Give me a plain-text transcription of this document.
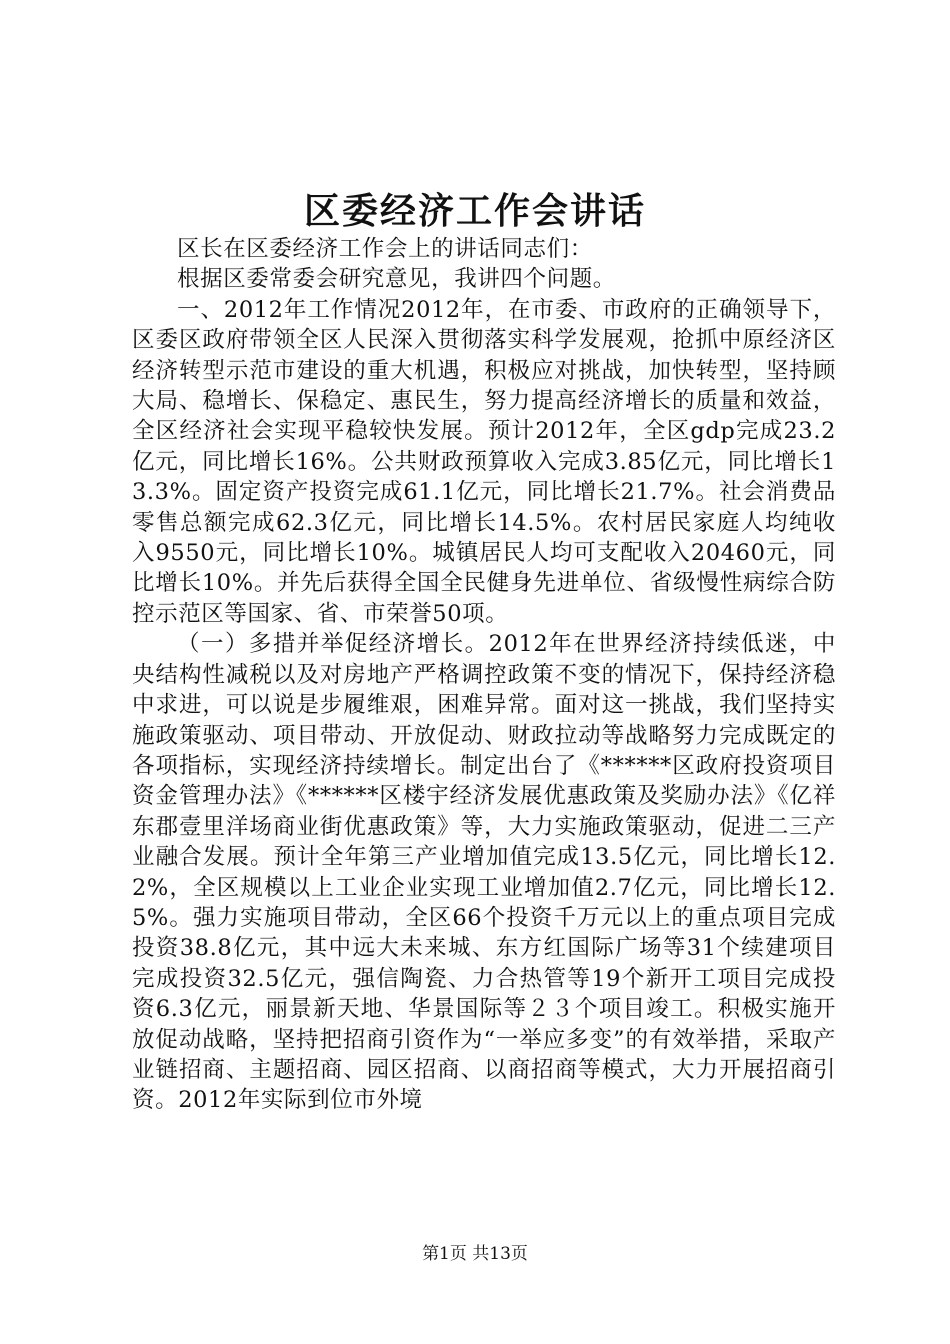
区委经济工作会讲话

区长在区委经济工作会上的讲话同志们：

根据区委常委会研究意见，我讲四个问题。

一、2012年工作情况2012年，在市委、市政府的正确领导下，区委区政府带领全区人民深入贯彻落实科学发展观，抢抓中原经济区经济转型示范市建设的重大机遇，积极应对挑战，加快转型，坚持顾大局、稳增长、保稳定、惠民生，努力提高经济增长的质量和效益，全区经济社会实现平稳较快发展。预计2012年，全区gdp完成23.2亿元，同比增长16%。公共财政预算收入完成3.85亿元，同比增长13.3%。固定资产投资完成61.1亿元，同比增长21.7%。社会消费品零售总额完成62.3亿元，同比增长14.5%。农村居民家庭人均纯收入9550元，同比增长10%。城镇居民人均可支配收入20460元，同比增长10%。并先后获得全国全民健身先进单位、省级慢性病综合防控示范区等国家、省、市荣誉50项。

（一）多措并举促经济增长。2012年在世界经济持续低迷，中央结构性减税以及对房地产严格调控政策不变的情况下，保持经济稳中求进，可以说是步履维艰，困难异常。面对这一挑战，我们坚持实施政策驱动、项目带动、开放促动、财政拉动等战略努力完成既定的各项指标，实现经济持续增长。制定出台了《******区政府投资项目资金管理办法》《******区楼宇经济发展优惠政策及奖励办法》《亿祥东郡壹里洋场商业街优惠政策》等，大力实施政策驱动，促进二三产业融合发展。预计全年第三产业增加值完成13.5亿元，同比增长12.2%，全区规模以上工业企业实现工业增加值2.7亿元，同比增长12.5%。强力实施项目带动，全区66个投资千万元以上的重点项目完成投资38.8亿元，其中远大未来城、东方红国际广场等31个续建项目完成投资32.5亿元，强信陶瓷、力合热管等19个新开工项目完成投资6.3亿元，丽景新天地、华景国际等２３个项目竣工。积极实施开放促动战略，坚持把招商引资作为“一举应多变”的有效举措，采取产业链招商、主题招商、园区招商、以商招商等模式，大力开展招商引资。2012年实际到位市外境

第1页 共13页
